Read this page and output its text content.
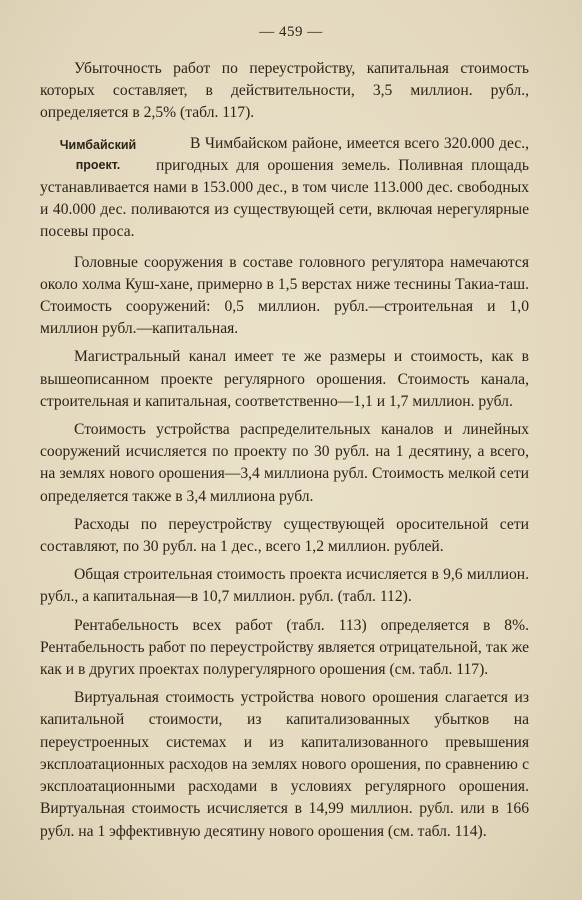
— 459 —

Убыточность работ по переустройству, капитальная стоимость которых составляет, в действительности, 3,5 миллион. рубл., определяется в 2,5% (табл. 117).

Чимбайский
проект.

В Чимбайском районе, имеется всего 320.000 дес., пригодных для орошения земель. Поливная площадь устанавливается нами в 153.000 дес., в том числе 113.000 дес. свободных и 40.000 дес. поливаются из существующей сети, включая нерегулярные посевы проса.

Головные сооружения в составе головного регулятора намечаются около холма Куш-хане, примерно в 1,5 верстах ниже теснины Такиа-таш. Стоимость сооружений: 0,5 миллион. рубл.—строительная и 1,0 миллион рубл.—капитальная.

Магистральный канал имеет те же размеры и стоимость, как в вышеописанном проекте регулярного орошения. Стоимость канала, строительная и капитальная, соответственно—1,1 и 1,7 миллион. рубл.

Стоимость устройства распределительных каналов и линейных сооружений исчисляется по проекту по 30 рубл. на 1 десятину, а всего, на землях нового орошения—3,4 миллиона рубл. Стоимость мелкой сети определяется также в 3,4 миллиона рубл.

Расходы по переустройству существующей оросительной сети составляют, по 30 рубл. на 1 дес., всего 1,2 миллион. рублей.

Общая строительная стоимость проекта исчисляется в 9,6 миллион. рубл., а капитальная—в 10,7 миллион. рубл. (табл. 112).

Рентабельность всех работ (табл. 113) определяется в 8%. Рентабельность работ по переустройству является отрицательной, так же как и в других проектах полурегулярного орошения (см. табл. 117).

Виртуальная стоимость устройства нового орошения слагается из капитальной стоимости, из капитализованных убытков на переустроенных системах и из капитализованного превышения эксплоатационных расходов на землях нового орошения, по сравнению с эксплоатационными расходами в условиях регулярного орошения. Виртуальная стоимость исчисляется в 14,99 миллион. рубл. или в 166 рубл. на 1 эффективную десятину нового орошения (см. табл. 114).
